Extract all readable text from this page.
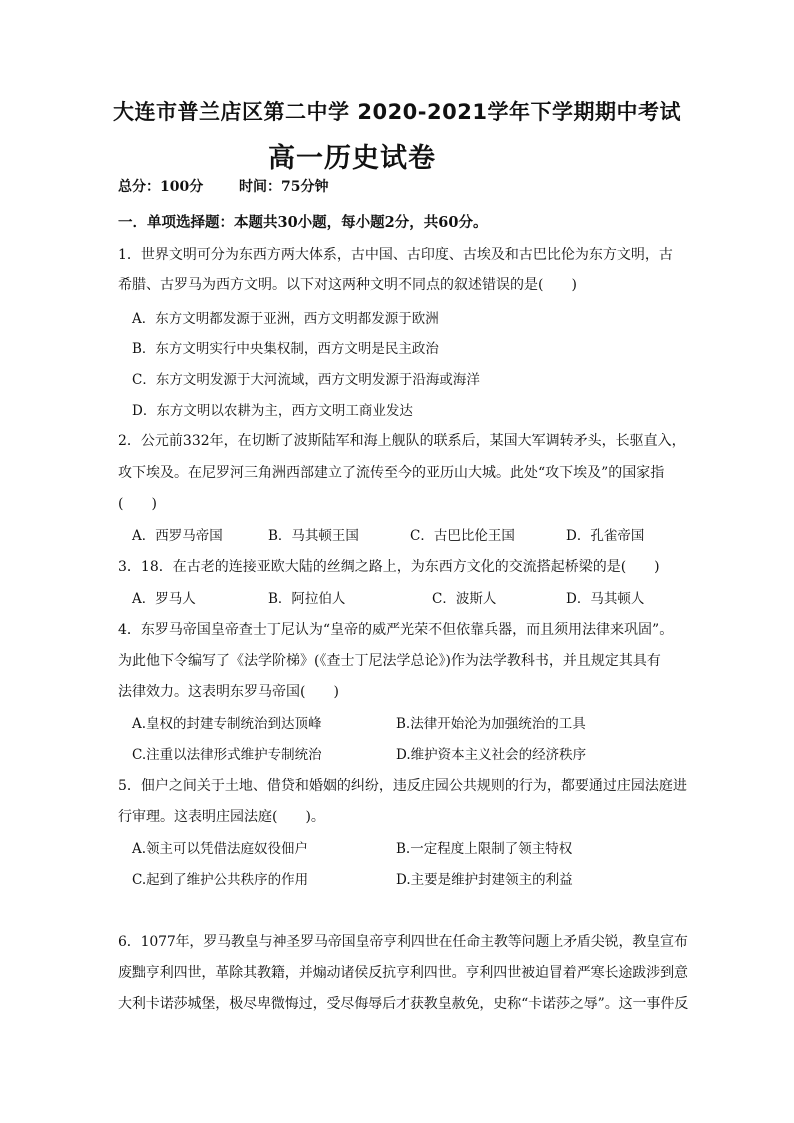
大连市普兰店区第二中学 2020-2021学年下学期期中考试
高一历史试卷
总分：100分	时间：75分钟
一．单项选择题：本题共30小题，每小题2分，共60分。
1．世界文明可分为东西方两大体系，古中国、古印度、古埃及和古巴比伦为东方文明，古
希腊、古罗马为西方文明。以下对这两种文明不同点的叙述错误的是(　　)
A．东方文明都发源于亚洲，西方文明都发源于欧洲
B．东方文明实行中央集权制，西方文明是民主政治
C．东方文明发源于大河流域，西方文明发源于沿海或海洋
D．东方文明以农耕为主，西方文明工商业发达
2．公元前332年，在切断了波斯陆军和海上舰队的联系后，某国大军调转矛头，长驱直入，
攻下埃及。在尼罗河三角洲西部建立了流传至今的亚历山大城。此处“攻下埃及”的国家指
(　　)
A．西罗马帝国	B．马其顿王国	C．古巴比伦王国	D．孔雀帝国
3．18．在古老的连接亚欧大陆的丝绸之路上，为东西方文化的交流搭起桥梁的是(　　)
A．罗马人	B．阿拉伯人	C．波斯人	D．马其顿人
4．东罗马帝国皇帝查士丁尼认为“皇帝的威严光荣不但依靠兵器，而且须用法律来巩固”。
为此他下令编写了《法学阶梯》(《查士丁尼法学总论》)作为法学教科书，并且规定其具有
法律效力。这表明东罗马帝国(　　)
A.皇权的封建专制统治到达顶峰	B.法律开始沦为加强统治的工具
C.注重以法律形式维护专制统治	D.维护资本主义社会的经济秩序
5．佃户之间关于土地、借贷和婚姻的纠纷，违反庄园公共规则的行为，都要通过庄园法庭进
行审理。这表明庄园法庭(　　)。
A.领主可以凭借法庭奴役佃户	B.一定程度上限制了领主特权
C.起到了维护公共秩序的作用	D.主要是维护封建领主的利益
6．1077年，罗马教皇与神圣罗马帝国皇帝亨利四世在任命主教等问题上矛盾尖锐，教皇宣布
废黜亨利四世，革除其教籍，并煽动诸侯反抗亨利四世。亨利四世被迫冒着严寒长途跋涉到意
大利卡诺莎城堡，极尽卑微悔过，受尽侮辱后才获教皇赦免，史称“卡诺莎之辱”。这一事件反
